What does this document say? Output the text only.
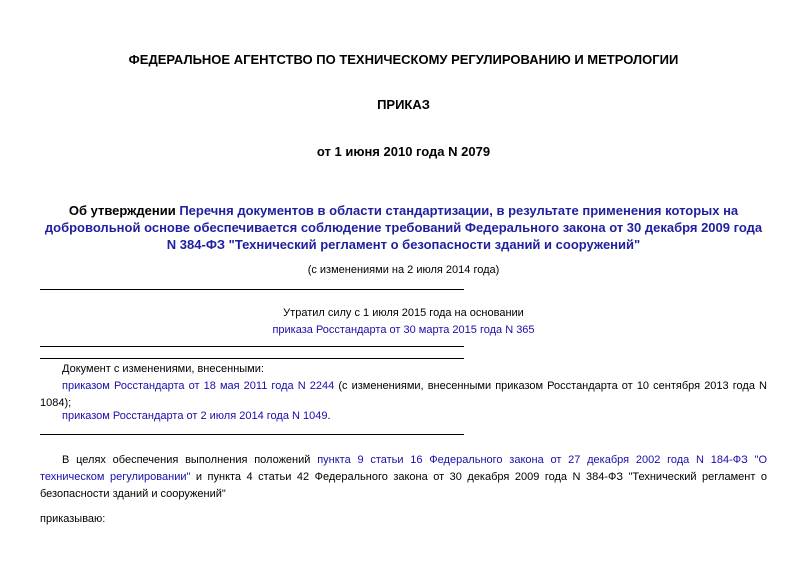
ФЕДЕРАЛЬНОЕ АГЕНТСТВО ПО ТЕХНИЧЕСКОМУ РЕГУЛИРОВАНИЮ И МЕТРОЛОГИИ
ПРИКАЗ
от 1 июня 2010 года N 2079
Об утверждении Перечня документов в области стандартизации, в результате применения которых на добровольной основе обеспечивается соблюдение требований Федерального закона от 30 декабря 2009 года N 384-ФЗ "Технический регламент о безопасности зданий и сооружений"
(с изменениями на 2 июля 2014 года)
Утратил силу с 1 июля 2015 года на основании
приказа Росстандарта от 30 марта 2015 года N 365
Документ с изменениями, внесенными:
приказом Росстандарта от 18 мая 2011 года N 2244 (с изменениями, внесенными приказом Росстандарта от 10 сентября 2013 года N 1084);
приказом Росстандарта от 2 июля 2014 года N 1049.
В целях обеспечения выполнения положений пункта 9 статьи 16 Федерального закона от 27 декабря 2002 года N 184-ФЗ "О техническом регулировании" и пункта 4 статьи 42 Федерального закона от 30 декабря 2009 года N 384-ФЗ "Технический регламент о безопасности зданий и сооружений"
приказываю:
